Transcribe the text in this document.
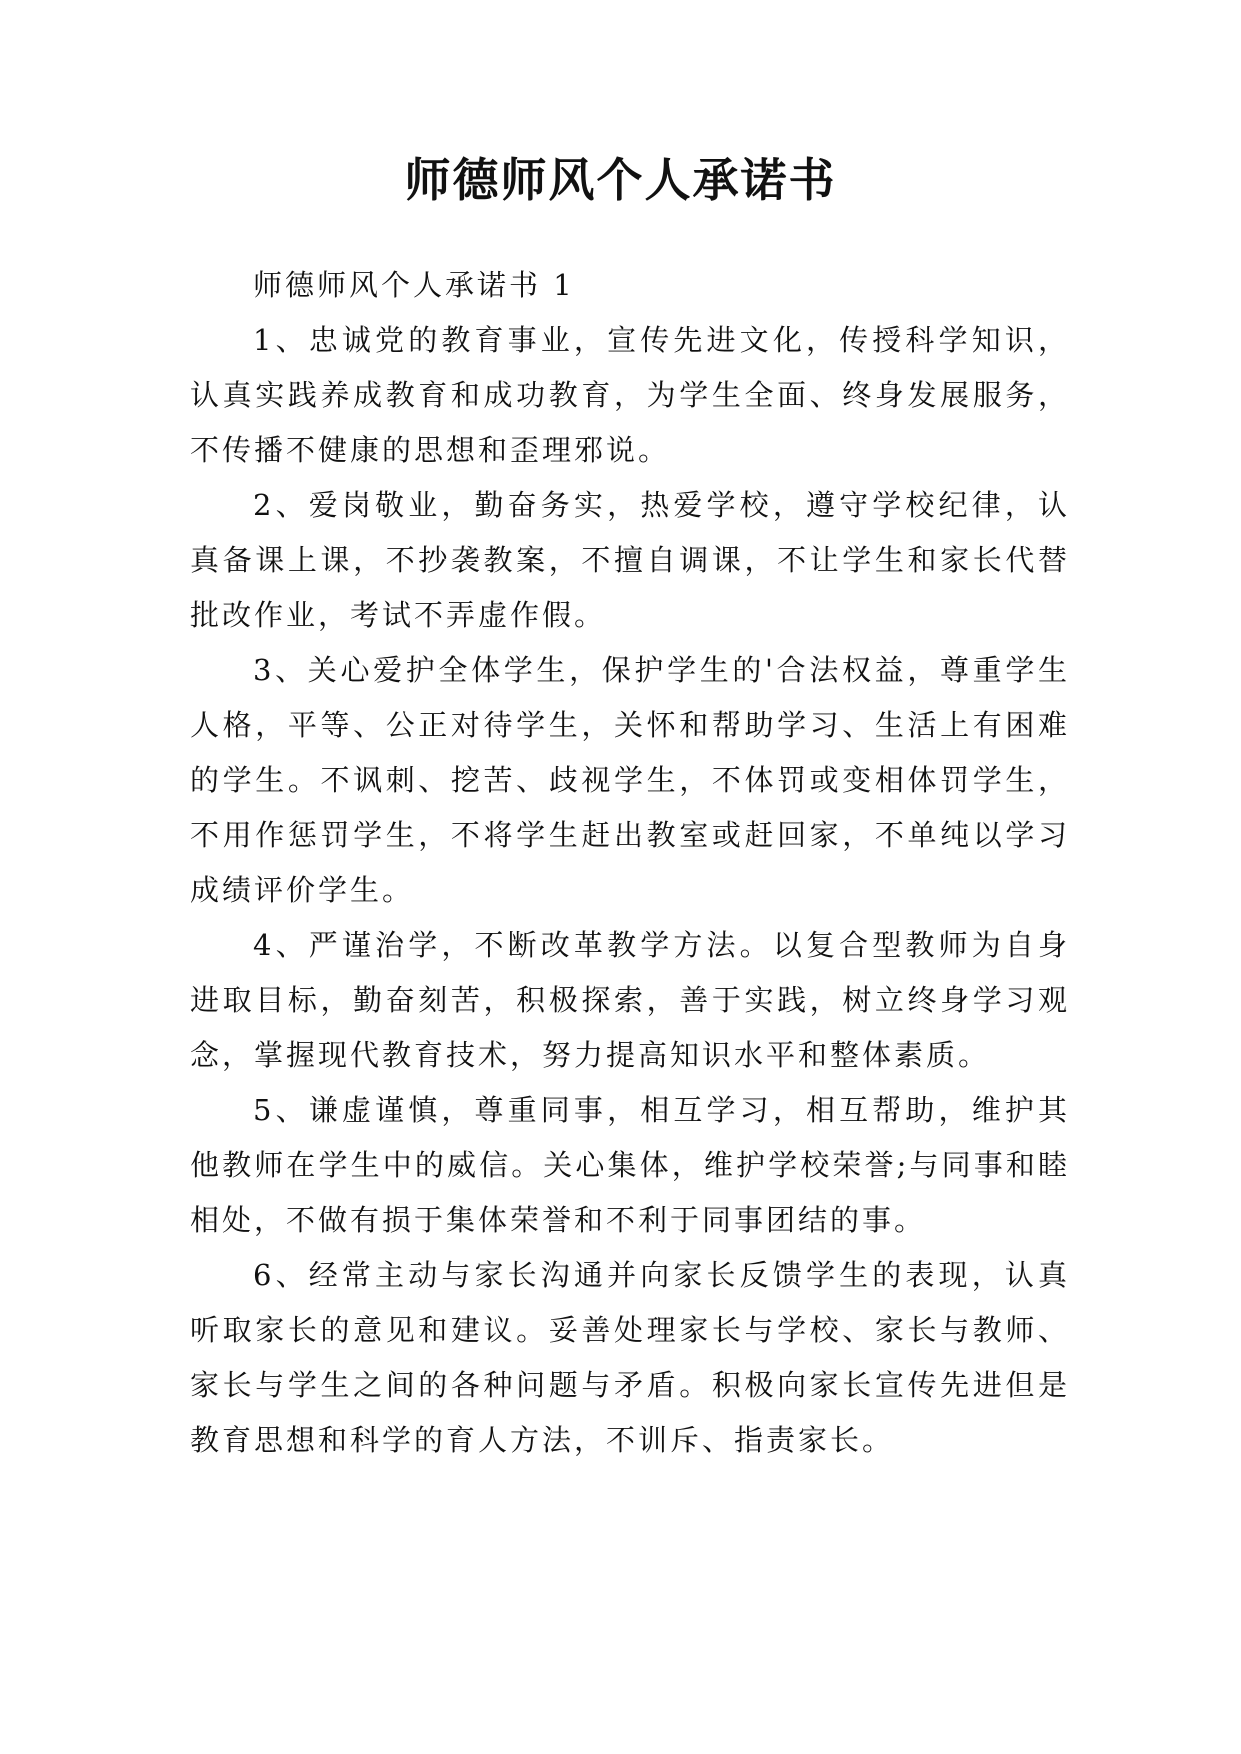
师德师风个人承诺书

师德师风个人承诺书 1

1、忠诚党的教育事业，宣传先进文化，传授科学知识，认真实践养成教育和成功教育，为学生全面、终身发展服务，不传播不健康的思想和歪理邪说。

2、爱岗敬业，勤奋务实，热爱学校，遵守学校纪律，认真备课上课，不抄袭教案，不擅自调课，不让学生和家长代替批改作业，考试不弄虚作假。

3、关心爱护全体学生，保护学生的'合法权益，尊重学生人格，平等、公正对待学生，关怀和帮助学习、生活上有困难的学生。不讽刺、挖苦、歧视学生，不体罚或变相体罚学生，不用作惩罚学生，不将学生赶出教室或赶回家，不单纯以学习成绩评价学生。

4、严谨治学，不断改革教学方法。以复合型教师为自身进取目标，勤奋刻苦，积极探索，善于实践，树立终身学习观念，掌握现代教育技术，努力提高知识水平和整体素质。

5、谦虚谨慎，尊重同事，相互学习，相互帮助，维护其他教师在学生中的威信。关心集体，维护学校荣誉;与同事和睦相处，不做有损于集体荣誉和不利于同事团结的事。

6、经常主动与家长沟通并向家长反馈学生的表现，认真听取家长的意见和建议。妥善处理家长与学校、家长与教师、家长与学生之间的各种问题与矛盾。积极向家长宣传先进但是教育思想和科学的育人方法，不训斥、指责家长。
